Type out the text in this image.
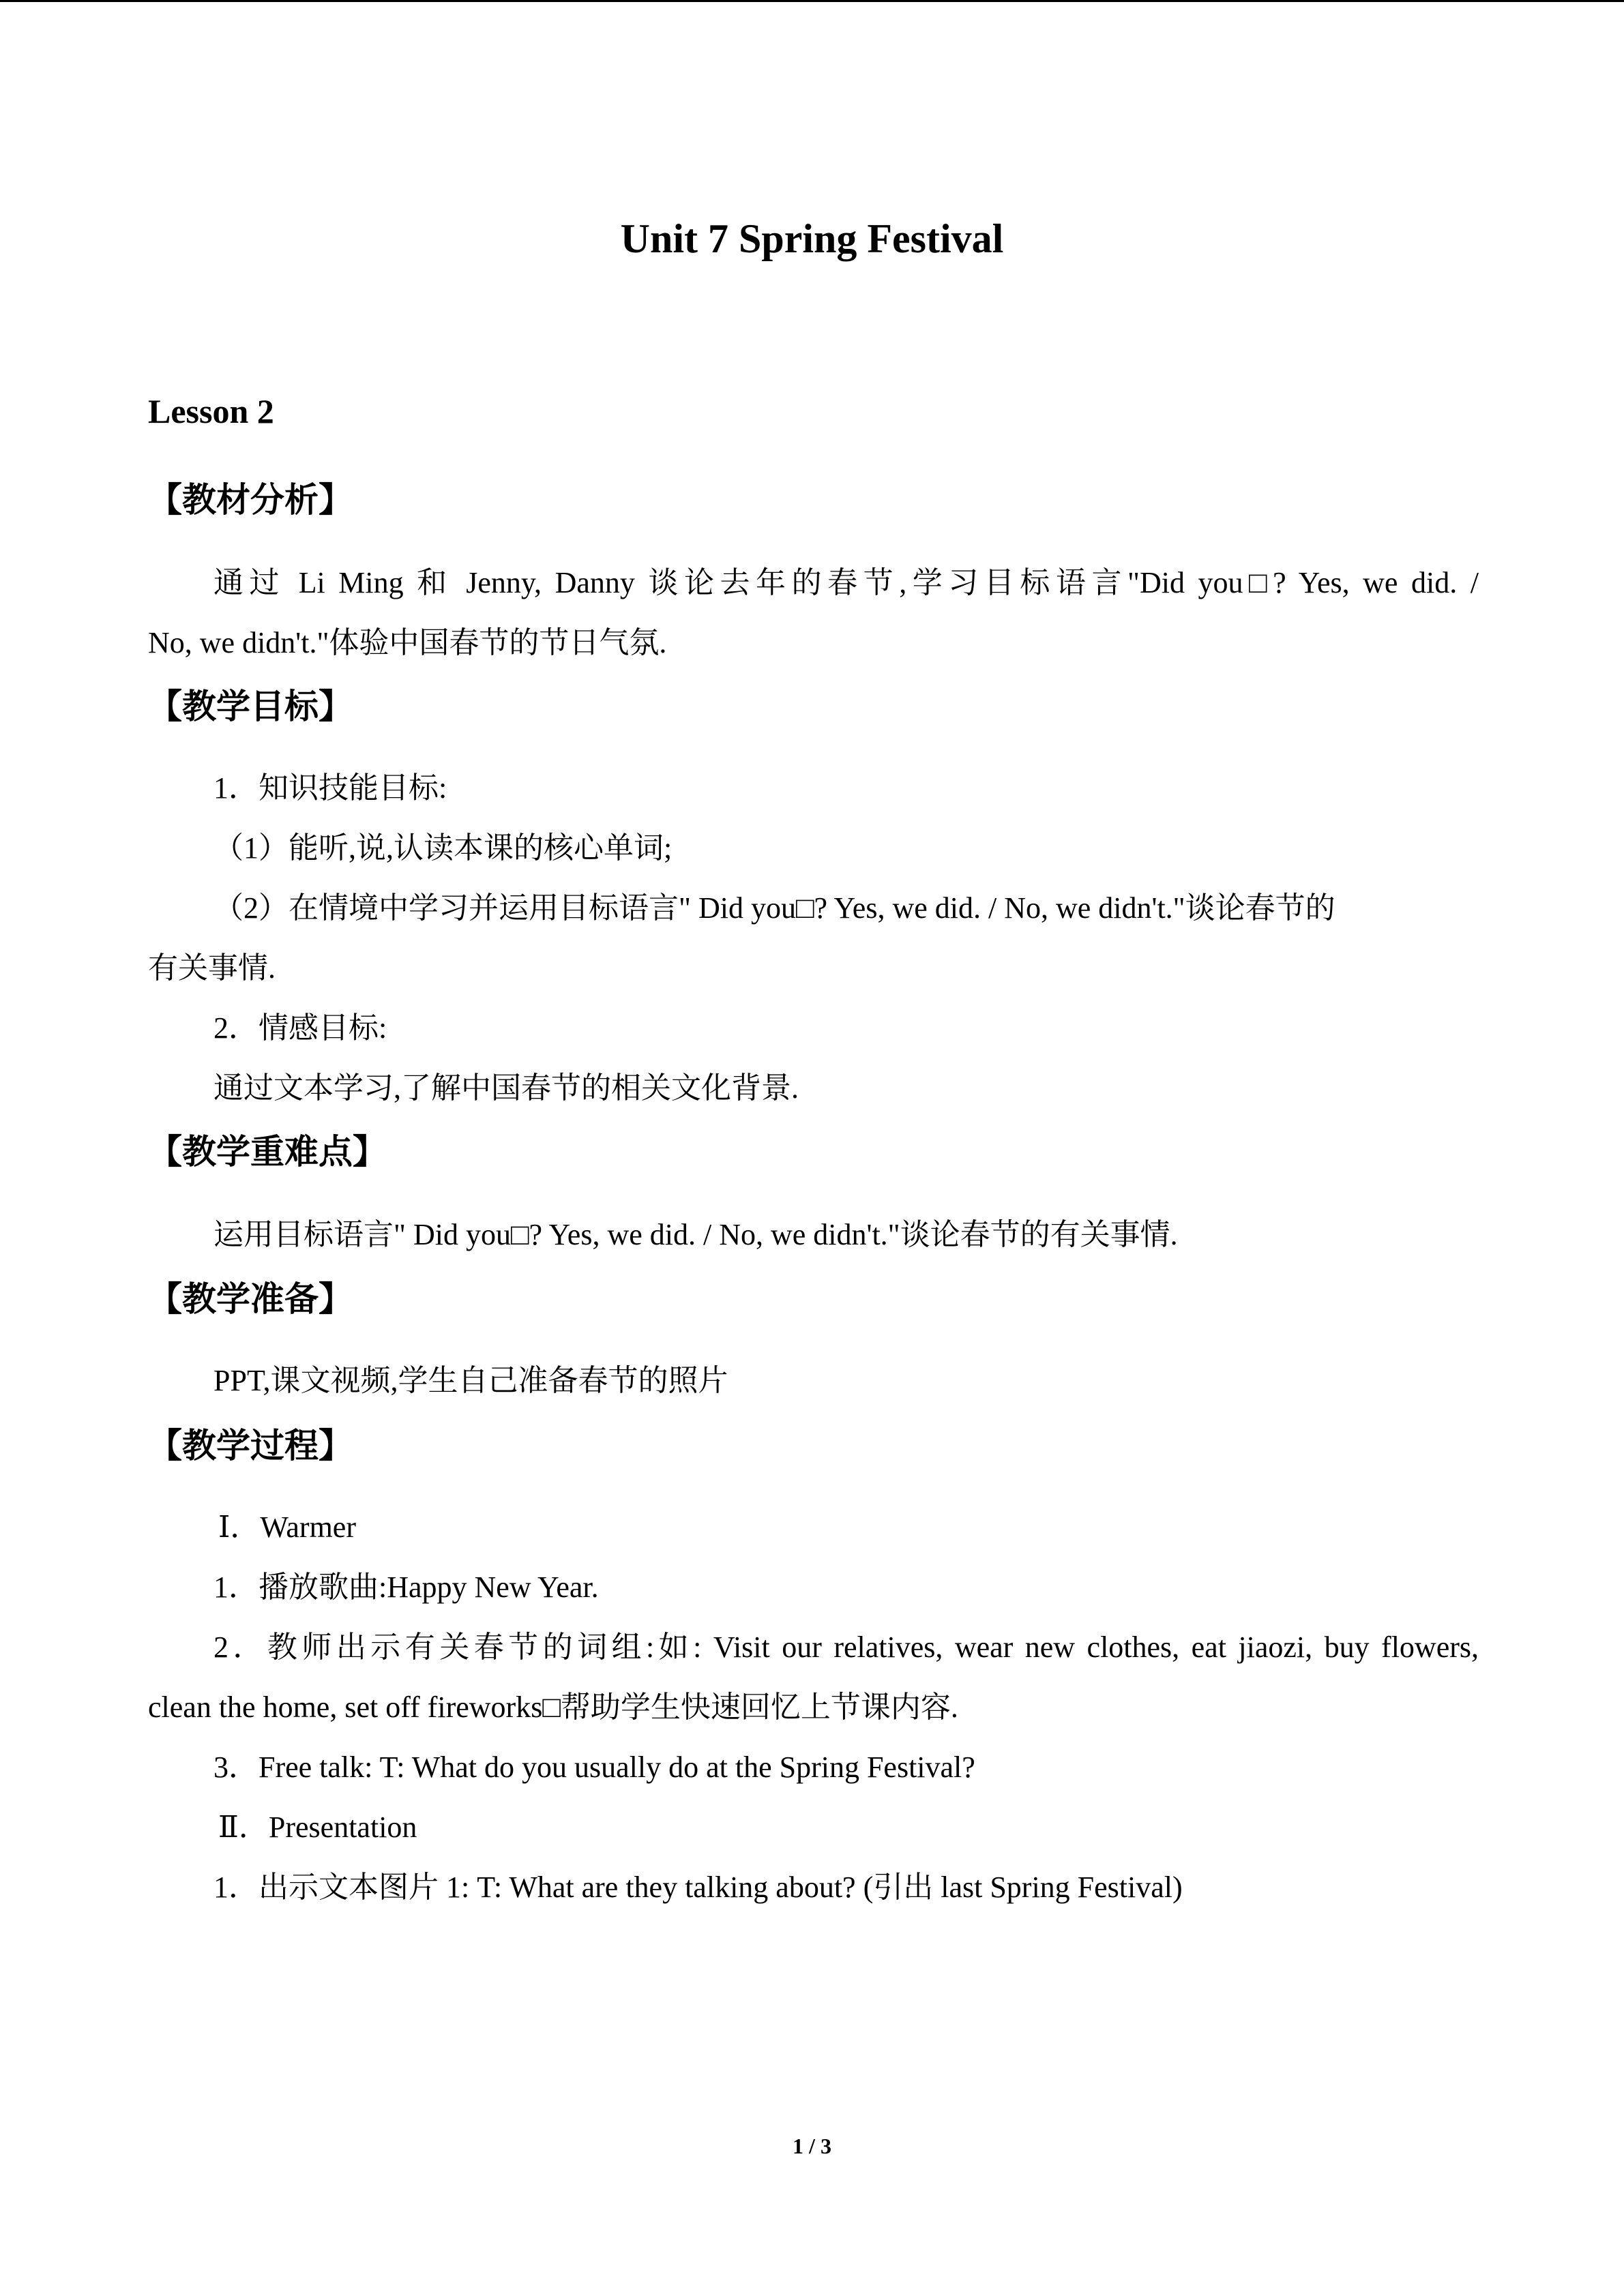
Unit 7 Spring Festival
Lesson 2
【教材分析】
通过 Li Ming 和 Jenny, Danny 谈论去年的春节,学习目标语言"Did you□? Yes, we did. /
No, we didn't."体验中国春节的节日气氛.
【教学目标】
1．知识技能目标:
（1）能听,说,认读本课的核心单词;
（2）在情境中学习并运用目标语言" Did you□? Yes, we did. / No, we didn't."谈论春节的
有关事情.
2．情感目标:
通过文本学习,了解中国春节的相关文化背景.
【教学重难点】
运用目标语言" Did you□? Yes, we did. / No, we didn't."谈论春节的有关事情.
【教学准备】
PPT,课文视频,学生自己准备春节的照片
【教学过程】
Ⅰ．Warmer
1．播放歌曲:Happy New Year.
2．教师出示有关春节的词组:如: Visit our relatives, wear new clothes, eat jiaozi, buy flowers,
clean the home, set off fireworks□帮助学生快速回忆上节课内容.
3．Free talk: T: What do you usually do at the Spring Festival?
Ⅱ．Presentation
1．出示文本图片 1: T: What are they talking about? (引出 last Spring Festival)
1 / 3
